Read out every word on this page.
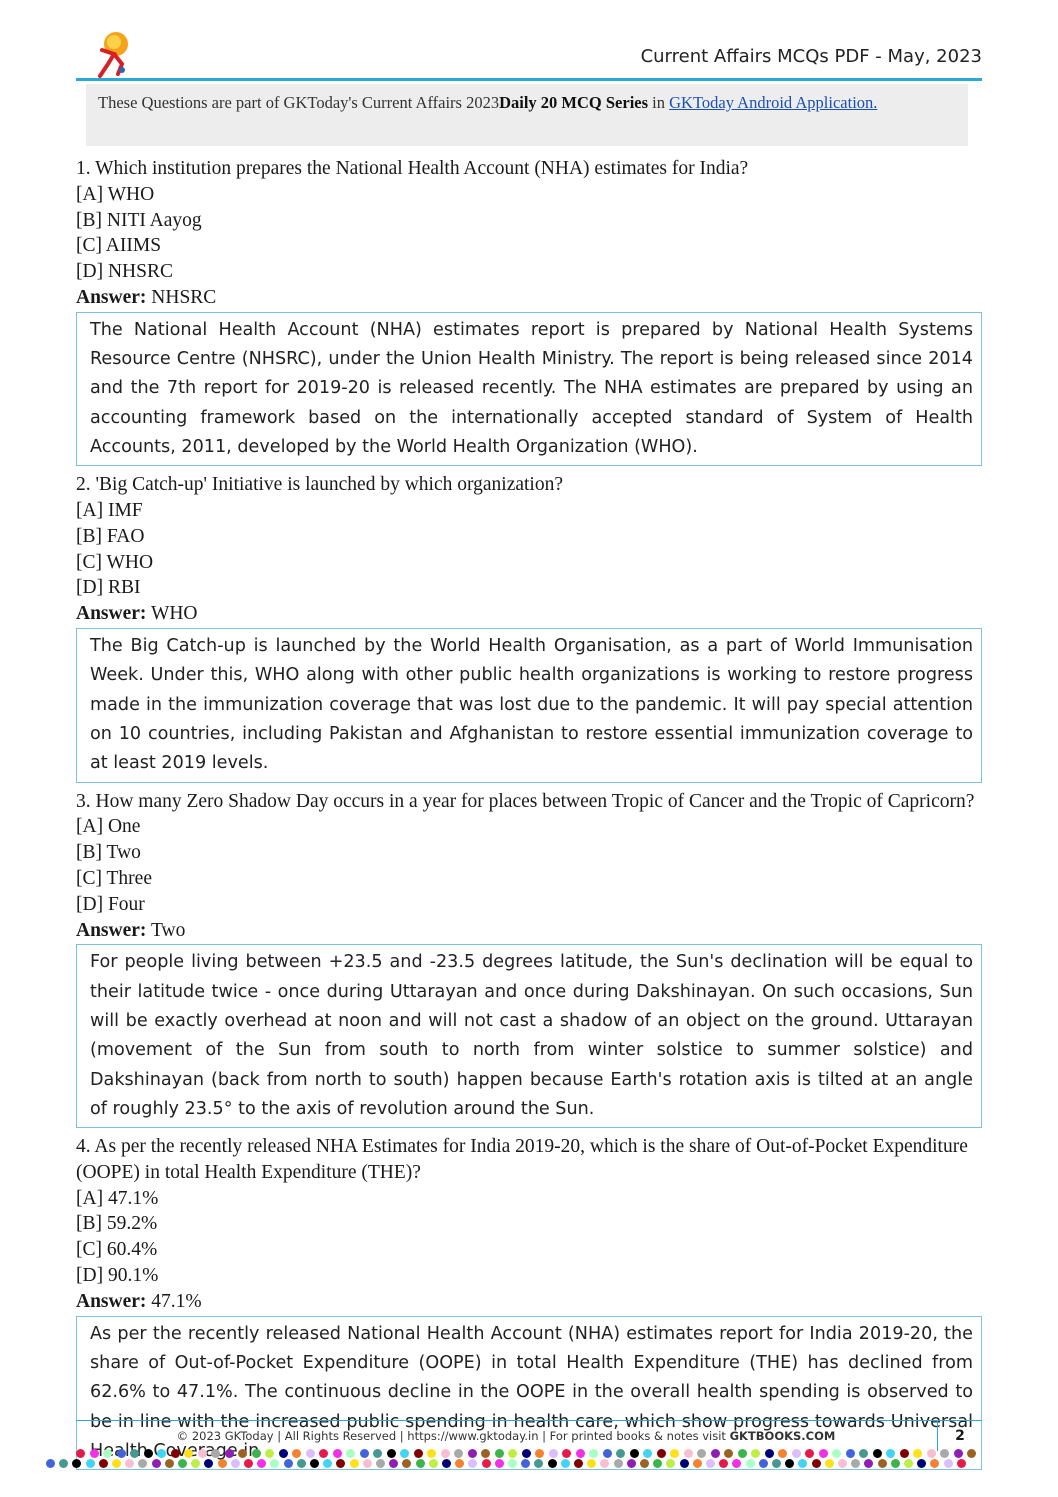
Current Affairs MCQs PDF - May, 2023
These Questions are part of GKToday's Current Affairs 2023Daily 20 MCQ Series in GKToday Android Application.
1. Which institution prepares the National Health Account (NHA) estimates for India?
[A] WHO
[B] NITI Aayog
[C] AIIMS
[D] NHSRC
Answer: NHSRC
The National Health Account (NHA) estimates report is prepared by National Health Systems Resource Centre (NHSRC), under the Union Health Ministry. The report is being released since 2014 and the 7th report for 2019-20 is released recently. The NHA estimates are prepared by using an accounting framework based on the internationally accepted standard of System of Health Accounts, 2011, developed by the World Health Organization (WHO).
2. 'Big Catch-up' Initiative is launched by which organization?
[A] IMF
[B] FAO
[C] WHO
[D] RBI
Answer: WHO
The Big Catch-up is launched by the World Health Organisation, as a part of World Immunisation Week. Under this, WHO along with other public health organizations is working to restore progress made in the immunization coverage that was lost due to the pandemic. It will pay special attention on 10 countries, including Pakistan and Afghanistan to restore essential immunization coverage to at least 2019 levels.
3. How many Zero Shadow Day occurs in a year for places between Tropic of Cancer and the Tropic of Capricorn?
[A] One
[B] Two
[C] Three
[D] Four
Answer: Two
For people living between +23.5 and -23.5 degrees latitude, the Sun's declination will be equal to their latitude twice - once during Uttarayan and once during Dakshinayan. On such occasions, Sun will be exactly overhead at noon and will not cast a shadow of an object on the ground. Uttarayan (movement of the Sun from south to north from winter solstice to summer solstice) and Dakshinayan (back from north to south) happen because Earth's rotation axis is tilted at an angle of roughly 23.5° to the axis of revolution around the Sun.
4. As per the recently released NHA Estimates for India 2019-20, which is the share of Out-of-Pocket Expenditure (OOPE) in total Health Expenditure (THE)?
[A] 47.1%
[B] 59.2%
[C] 60.4%
[D] 90.1%
Answer: 47.1%
As per the recently released National Health Account (NHA) estimates report for India 2019-20, the share of Out-of-Pocket Expenditure (OOPE) in total Health Expenditure (THE) has declined from 62.6% to 47.1%. The continuous decline in the OOPE in the overall health spending is observed to be in line with the increased public spending in health care, which show progress towards Universal Coverage in
© 2023 GKToday | All Rights Reserved | https://www.gktoday.in | For printed books & notes visit GKTBOOKS.COM	2
